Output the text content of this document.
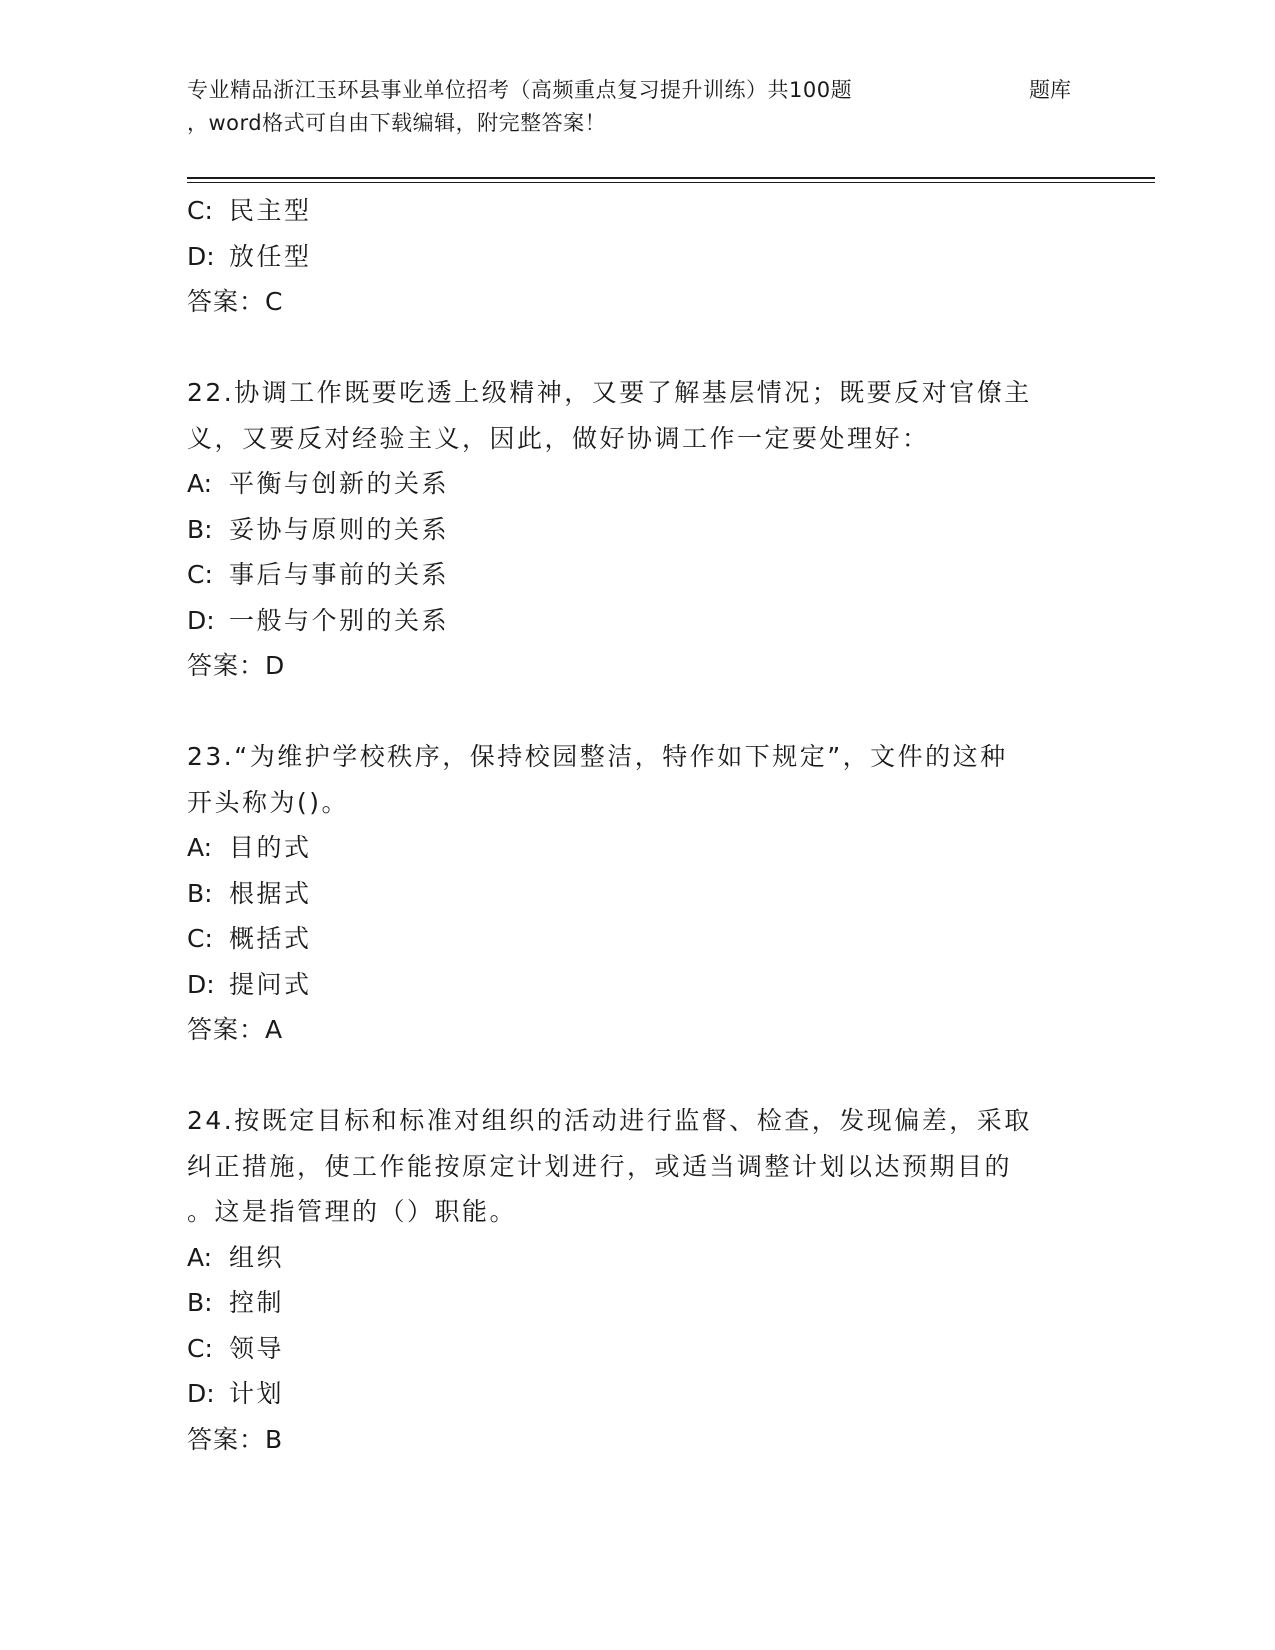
专业精品浙江玉环县事业单位招考（高频重点复习提升训练）共100题	题库
，word格式可自由下载编辑，附完整答案！
C: 民主型
D: 放任型
答案：C
22.协调工作既要吃透上级精神，又要了解基层情况；既要反对官僚主
义，又要反对经验主义，因此，做好协调工作一定要处理好：
A: 平衡与创新的关系
B: 妥协与原则的关系
C: 事后与事前的关系
D: 一般与个别的关系
答案：D
23.“为维护学校秩序，保持校园整洁，特作如下规定”，文件的这种
开头称为()。
A: 目的式
B: 根据式
C: 概括式
D: 提问式
答案：A
24.按既定目标和标准对组织的活动进行监督、检查，发现偏差，采取
纠正措施，使工作能按原定计划进行，或适当调整计划以达预期目的
。这是指管理的（）职能。
A: 组织
B: 控制
C: 领导
D: 计划
答案：B
